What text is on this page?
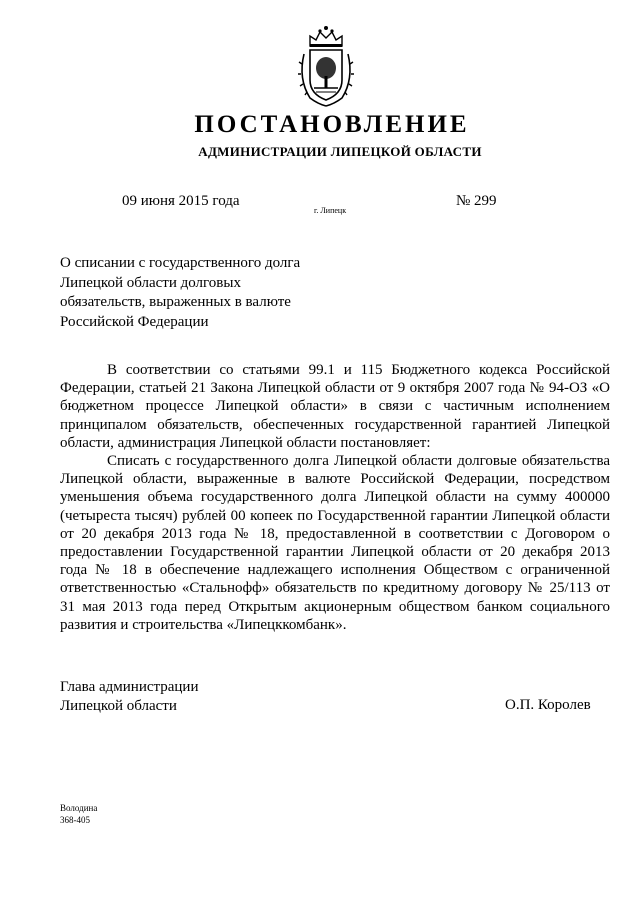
ПОСТАНОВЛЕНИЕ
АДМИНИСТРАЦИИ ЛИПЕЦКОЙ ОБЛАСТИ
09 июня 2015 года
г. Липецк
№ 299
О списании с государственного долга
Липецкой области долговых
обязательств, выраженных в валюте
Российской Федерации

В соответствии со статьями 99.1 и 115 Бюджетного кодекса Российской Федерации, статьей 21 Закона Липецкой области от 9 октября 2007 года № 94-ОЗ «О бюджетном процессе Липецкой области» в связи с частичным исполнением принципалом обязательств, обеспеченных государственной гарантией Липецкой области, администрация Липецкой области постановляет:

Списать с государственного долга Липецкой области долговые обязательства Липецкой области, выраженные в валюте Российской Федерации, посредством уменьшения объема государственного долга Липецкой области на сумму 400000 (четыреста тысяч) рублей 00 копеек по Государственной гарантии Липецкой области от 20 декабря 2013 года № 18, предоставленной в соответствии с Договором о предоставлении Государственной гарантии Липецкой области от 20 декабря 2013 года № 18 в обеспечение надлежащего исполнения Обществом с ограниченной ответственностью «Стальнофф» обязательств по кредитному договору № 25/113 от 31 мая 2013 года перед Открытым акционерным обществом банком социального развития и строительства «Липецккомбанк».

Глава администрации
Липецкой области	О.П. Королев
Володина
368-405
